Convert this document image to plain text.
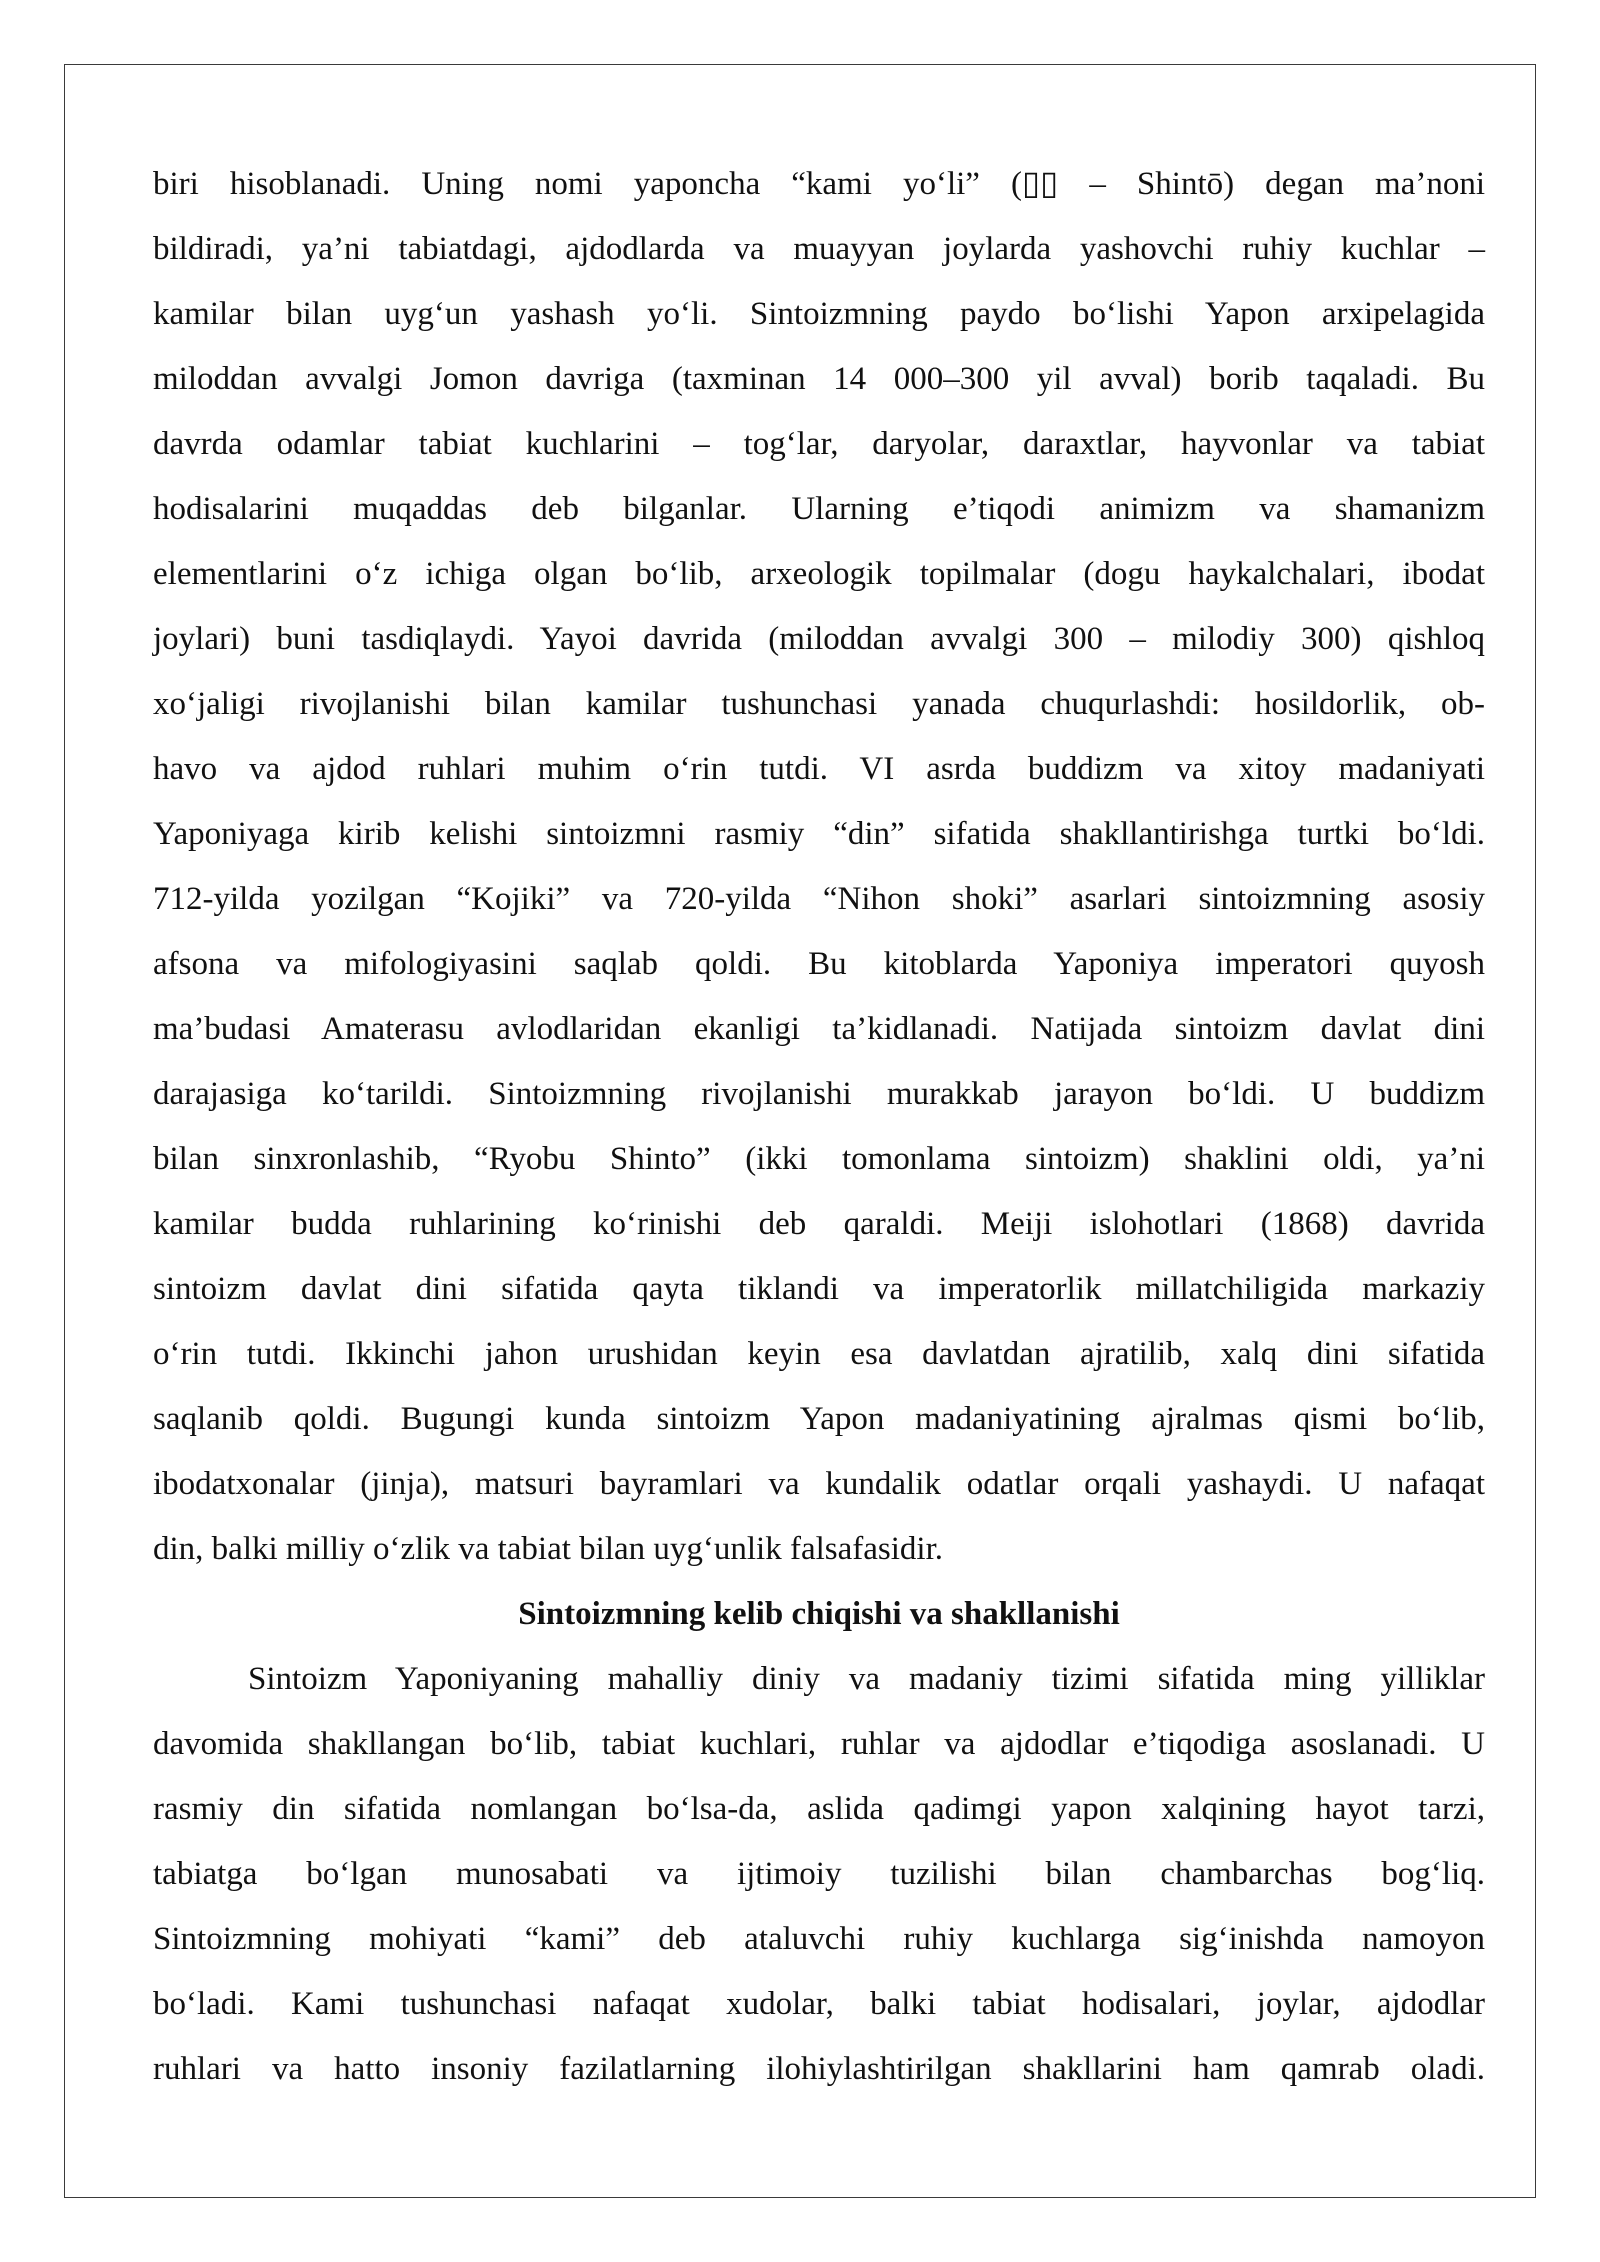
biri hisoblanadi. Uning nomi yaponcha “kami yo‘li” (▯▯ – Shintō) degan ma’noni
bildiradi, ya’ni tabiatdagi, ajdodlarda va muayyan joylarda yashovchi ruhiy kuchlar –
kamilar bilan uyg‘un yashash yo‘li. Sintoizmning paydo bo‘lishi Yapon arxipelagida
miloddan avvalgi Jomon davriga (taxminan 14 000–300 yil avval) borib taqaladi. Bu
davrda odamlar tabiat kuchlarini – tog‘lar, daryolar, daraxtlar, hayvonlar va tabiat
hodisalarini muqaddas deb bilganlar. Ularning e’tiqodi animizm va shamanizm
elementlarini o‘z ichiga olgan bo‘lib, arxeologik topilmalar (dogu haykalchalari, ibodat
joylari) buni tasdiqlaydi. Yayoi davrida (miloddan avvalgi 300 – milodiy 300) qishloq
xo‘jaligi rivojlanishi bilan kamilar tushunchasi yanada chuqurlashdi: hosildorlik, ob-
havo va ajdod ruhlari muhim o‘rin tutdi. VI asrda buddizm va xitoy madaniyati
Yaponiyaga kirib kelishi sintoizmni rasmiy “din” sifatida shakllantirishga turtki bo‘ldi.
712-yilda yozilgan “Kojiki” va 720-yilda “Nihon shoki” asarlari sintoizmning asosiy
afsona va mifologiyasini saqlab qoldi. Bu kitoblarda Yaponiya imperatori quyosh
ma’budasi Amaterasu avlodlaridan ekanligi ta’kidlanadi. Natijada sintoizm davlat dini
darajasiga ko‘tarildi. Sintoizmning rivojlanishi murakkab jarayon bo‘ldi. U buddizm
bilan sinxronlashib, “Ryobu Shinto” (ikki tomonlama sintoizm) shaklini oldi, ya’ni
kamilar budda ruhlarining ko‘rinishi deb qaraldi. Meiji islohotlari (1868) davrida
sintoizm davlat dini sifatida qayta tiklandi va imperatorlik millatchiligida markaziy
o‘rin tutdi. Ikkinchi jahon urushidan keyin esa davlatdan ajratilib, xalq dini sifatida
saqlanib qoldi. Bugungi kunda sintoizm Yapon madaniyatining ajralmas qismi bo‘lib,
ibodatxonalar (jinja), matsuri bayramlari va kundalik odatlar orqali yashaydi. U nafaqat
din, balki milliy o‘zlik va tabiat bilan uyg‘unlik falsafasidir.
Sintoizmning kelib chiqishi va shakllanishi
Sintoizm Yaponiyaning mahalliy diniy va madaniy tizimi sifatida ming yilliklar
davomida shakllangan bo‘lib, tabiat kuchlari, ruhlar va ajdodlar e’tiqodiga asoslanadi. U
rasmiy din sifatida nomlangan bo‘lsa-da, aslida qadimgi yapon xalqining hayot tarzi,
tabiatga bo‘lgan munosabati va ijtimoiy tuzilishi bilan chambarchas bog‘liq.
Sintoizmning mohiyati “kami” deb ataluvchi ruhiy kuchlarga sig‘inishda namoyon
bo‘ladi. Kami tushunchasi nafaqat xudolar, balki tabiat hodisalari, joylar, ajdodlar
ruhlari va hatto insoniy fazilatlarning ilohiylashtirilgan shakllarini ham qamrab oladi.
